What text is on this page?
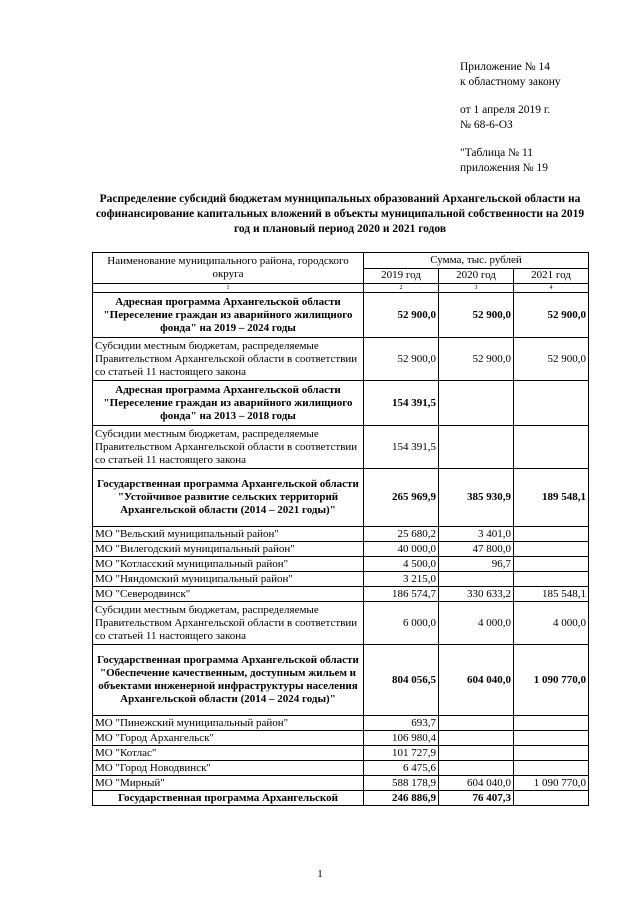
Приложение № 14
к областному закону
от 1 апреля 2019 г.
№ 68-6-ОЗ
"Таблица № 11
приложения № 19
Распределение субсидий бюджетам муниципальных образований Архангельской области на софинансирование капитальных вложений в объекты муниципальной собственности на 2019 год и плановый период 2020 и 2021 годов
Наименование муниципального района, городского округа	Сумма, тыс. рублей		
	2019 год	2020 год	2021 год
1	2	3	4
Адресная программа Архангельской области "Переселение граждан из аварийного жилищного фонда" на 2019 – 2024 годы	52 900,0	52 900,0	52 900,0
Субсидии местным бюджетам, распределяемые Правительством Архангельской области в соответствии со статьей 11 настоящего закона	52 900,0	52 900,0	52 900,0
Адресная программа Архангельской области "Переселение граждан из аварийного жилищного фонда" на 2013 – 2018 годы	154 391,5		
Субсидии местным бюджетам, распределяемые Правительством Архангельской области в соответствии со статьей 11 настоящего закона	154 391,5		
Государственная программа Архангельской области "Устойчивое развитие сельских территорий Архангельской области (2014 – 2021 годы)"	265 969,9	385 930,9	189 548,1
МО "Вельский муниципальный район"	25 680,2	3 401,0	
МО "Вилегодский муниципальный район"	40 000,0	47 800,0	
МО "Котласский муниципальный район"	4 500,0	96,7	
МО "Няндомский муниципальный район"	3 215,0		
МО "Северодвинск"	186 574,7	330 633,2	185 548,1
Субсидии местным бюджетам, распределяемые Правительством Архангельской области в соответствии со статьей 11 настоящего закона	6 000,0	4 000,0	4 000,0
Государственная программа Архангельской области "Обеспечение качественным, доступным жильем и объектами инженерной инфраструктуры населения Архангельской области (2014 – 2024 годы)"	804 056,5	604 040,0	1 090 770,0
МО "Пинежский муниципальный район"	693,7		
МО "Город Архангельск"	106 980,4		
МО "Котлас"	101 727,9		
МО "Город Новодвинск"	6 475,6		
МО "Мирный"	588 178,9	604 040,0	1 090 770,0
Государственная программа Архангельской	246 886,9	76 407,3	
1
